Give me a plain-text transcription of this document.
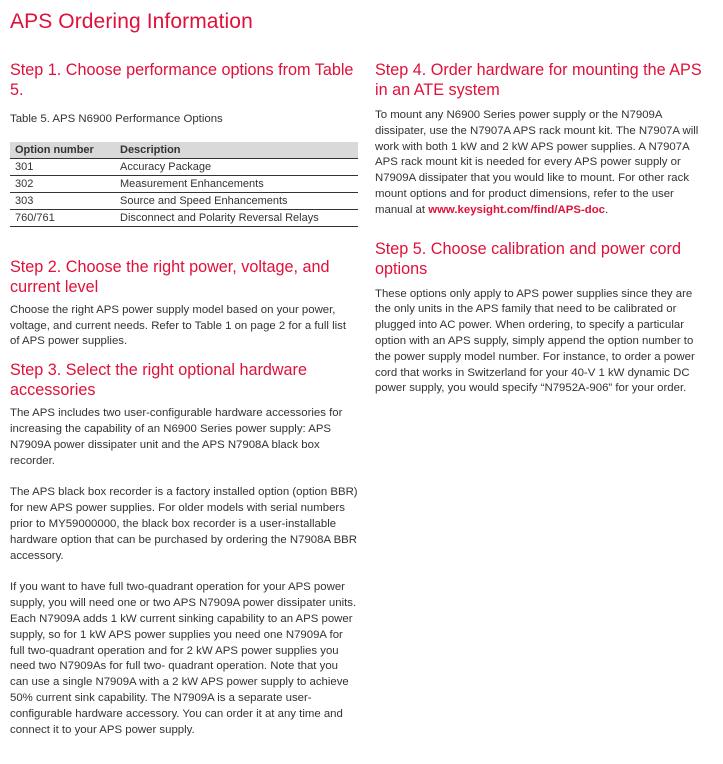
APS Ordering Information
Step 1. Choose performance options from Table 5.

Table 5. APS N6900 Performance Options

Option number	Description
301	Accuracy Package
302	Measurement Enhancements
303	Source and Speed Enhancements
760/761	Disconnect and Polarity Reversal Relays
Step 2. Choose the right power, voltage, and current level

Choose the right APS power supply model based on your power, voltage, and current needs. Refer to Table 1 on page 2 for a full list of APS power supplies.

Step 3. Select the right optional hardware accessories

The APS includes two user-configurable hardware accessories for increasing the capability of an N6900 Series power supply: APS N7909A power dissipater unit and the APS N7908A black box recorder.

The APS black box recorder is a factory installed option (option BBR) for new APS power supplies. For older models with serial numbers prior to MY59000000, the black box recorder is a user-installable hardware option that can be purchased by ordering the N7908A BBR accessory.

If you want to have full two-quadrant operation for your APS power supply, you will need one or two APS N7909A power dissipater units. Each N7909A adds 1 kW current sinking capability to an APS power supply, so for 1 kW APS power supplies you need one N7909A for full two-quadrant operation and for 2 kW APS power supplies you need two N7909As for full two- quadrant operation. Note that you can use a single N7909A with a 2 kW APS power supply to achieve 50% current sink capability. The N7909A is a separate user-configurable hardware accessory. You can order it at any time and connect it to your APS power supply.

Step 4. Order hardware for mounting the APS in an ATE system

To mount any N6900 Series power supply or the N7909A dissipater, use the N7907A APS rack mount kit. The N7907A will work with both 1 kW and 2 kW APS power supplies. A N7907A APS rack mount kit is needed for every APS power supply or N7909A dissipater that you would like to mount. For other rack mount options and for product dimensions, refer to the user manual at www.keysight.com/find/APS-doc.

Step 5. Choose calibration and power cord options

These options only apply to APS power supplies since they are the only units in the APS family that need to be calibrated or plugged into AC power. When ordering, to specify a particular option with an APS supply, simply append the option number to the power supply model number. For instance, to order a power cord that works in Switzerland for your 40-V 1 kW dynamic DC power supply, you would specify “N7952A-906” for your order.
